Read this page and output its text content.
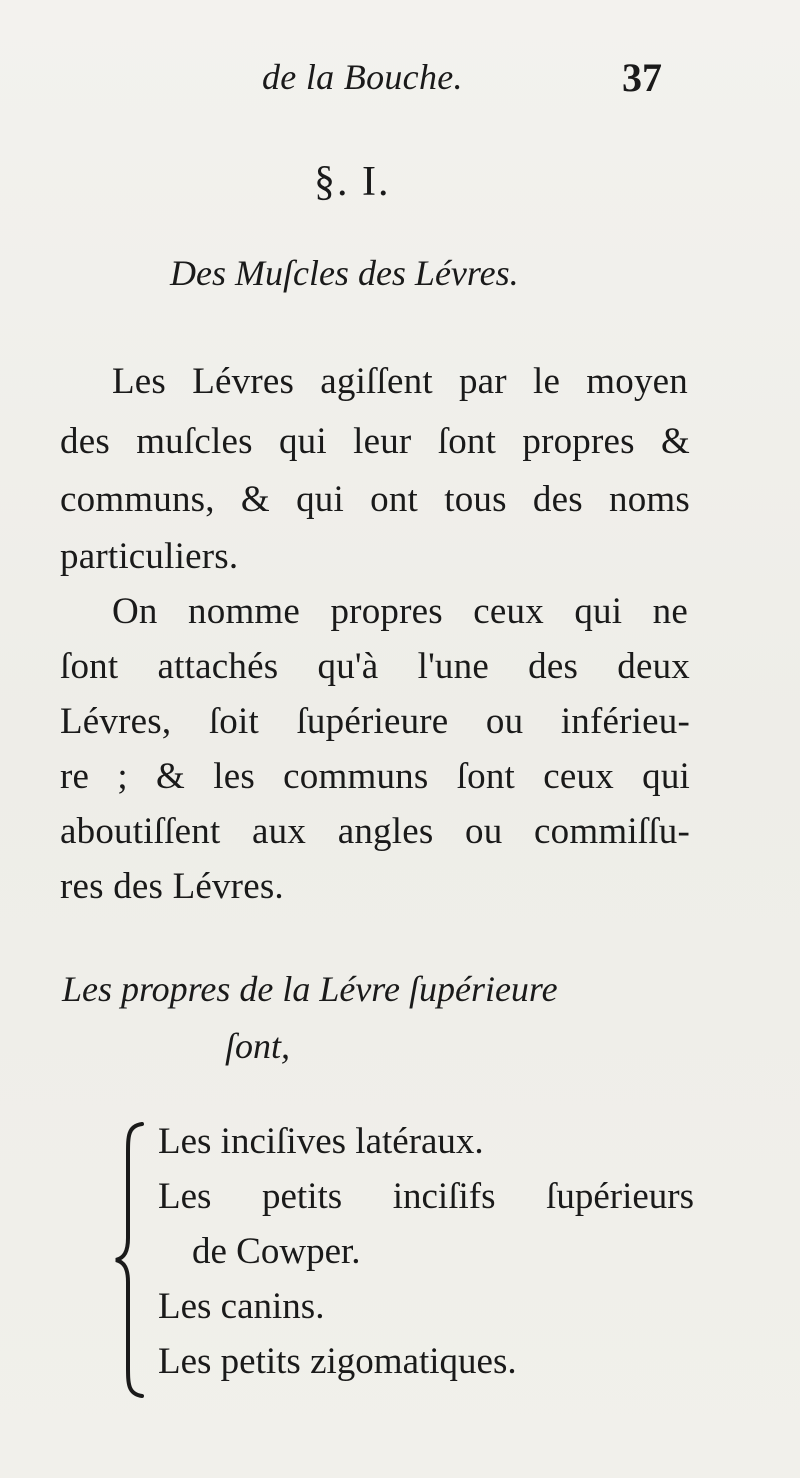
de la Bouche.	37
§. I.
Des Muſcles des Lévres.
Les Lévres agiſſent par le moyen
des muſcles qui leur ſont propres &
communs, & qui ont tous des noms
particuliers.
On nomme propres ceux qui ne
ſont attachés qu'à l'une des deux
Lévres, ſoit ſupérieure ou inférieu-
re ; & les communs ſont ceux qui
aboutiſſent aux angles ou commiſſu-
res des Lévres.
Les propres de la Lévre ſupérieure
ſont,
Les inciſives latéraux.
Les petits inciſifs ſupérieurs
de Cowper.
Les canins.
Les petits zigomatiques.
